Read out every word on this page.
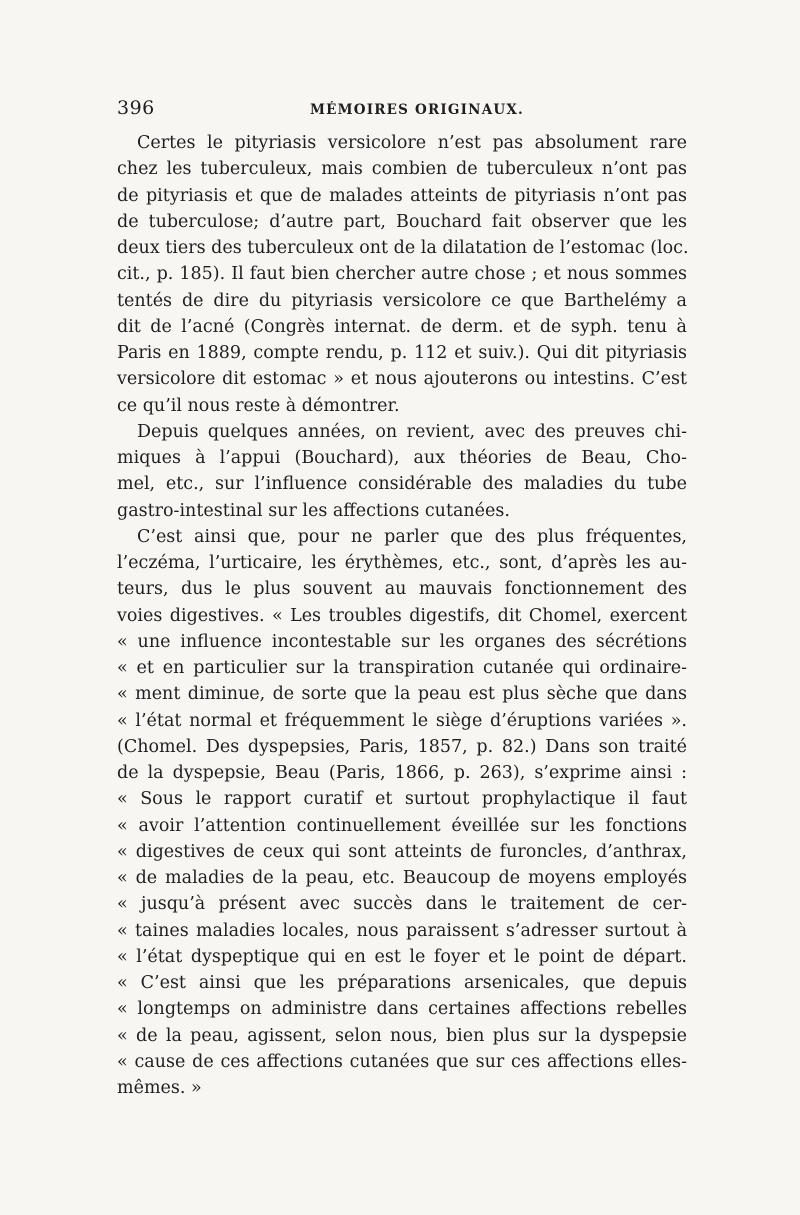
396	MÉMOIRES ORIGINAUX.
Certes le pityriasis versicolore n’est pas absolument rare
chez les tuberculeux, mais combien de tuberculeux n’ont pas
de pityriasis et que de malades atteints de pityriasis n’ont pas
de tuberculose; d’autre part, Bouchard fait observer que les
deux tiers des tuberculeux ont de la dilatation de l’estomac (loc.
cit., p. 185). Il faut bien chercher autre chose ; et nous sommes
tentés de dire du pityriasis versicolore ce que Barthelémy a
dit de l’acné (Congrès internat. de derm. et de syph. tenu à
Paris en 1889, compte rendu, p. 112 et suiv.). Qui dit pityriasis
versicolore dit estomac » et nous ajouterons ou intestins. C’est
ce qu’il nous reste à démontrer.
Depuis quelques années, on revient, avec des preuves chi-
miques à l’appui (Bouchard), aux théories de Beau, Cho-
mel, etc., sur l’influence considérable des maladies du tube
gastro-intestinal sur les affections cutanées.
C’est ainsi que, pour ne parler que des plus fréquentes,
l’eczéma, l’urticaire, les érythèmes, etc., sont, d’après les au-
teurs, dus le plus souvent au mauvais fonctionnement des
voies digestives. « Les troubles digestifs, dit Chomel, exercent
« une influence incontestable sur les organes des sécrétions
« et en particulier sur la transpiration cutanée qui ordinaire-
« ment diminue, de sorte que la peau est plus sèche que dans
« l’état normal et fréquemment le siège d’éruptions variées ».
(Chomel. Des dyspepsies, Paris, 1857, p. 82.) Dans son traité
de la dyspepsie, Beau (Paris, 1866, p. 263), s’exprime ainsi :
« Sous le rapport curatif et surtout prophylactique il faut
« avoir l’attention continuellement éveillée sur les fonctions
« digestives de ceux qui sont atteints de furoncles, d’anthrax,
« de maladies de la peau, etc. Beaucoup de moyens employés
« jusqu’à présent avec succès dans le traitement de cer-
« taines maladies locales, nous paraissent s’adresser surtout à
« l’état dyspeptique qui en est le foyer et le point de départ.
« C’est ainsi que les préparations arsenicales, que depuis
« longtemps on administre dans certaines affections rebelles
« de la peau, agissent, selon nous, bien plus sur la dyspepsie
« cause de ces affections cutanées que sur ces affections elles-
mêmes. »
